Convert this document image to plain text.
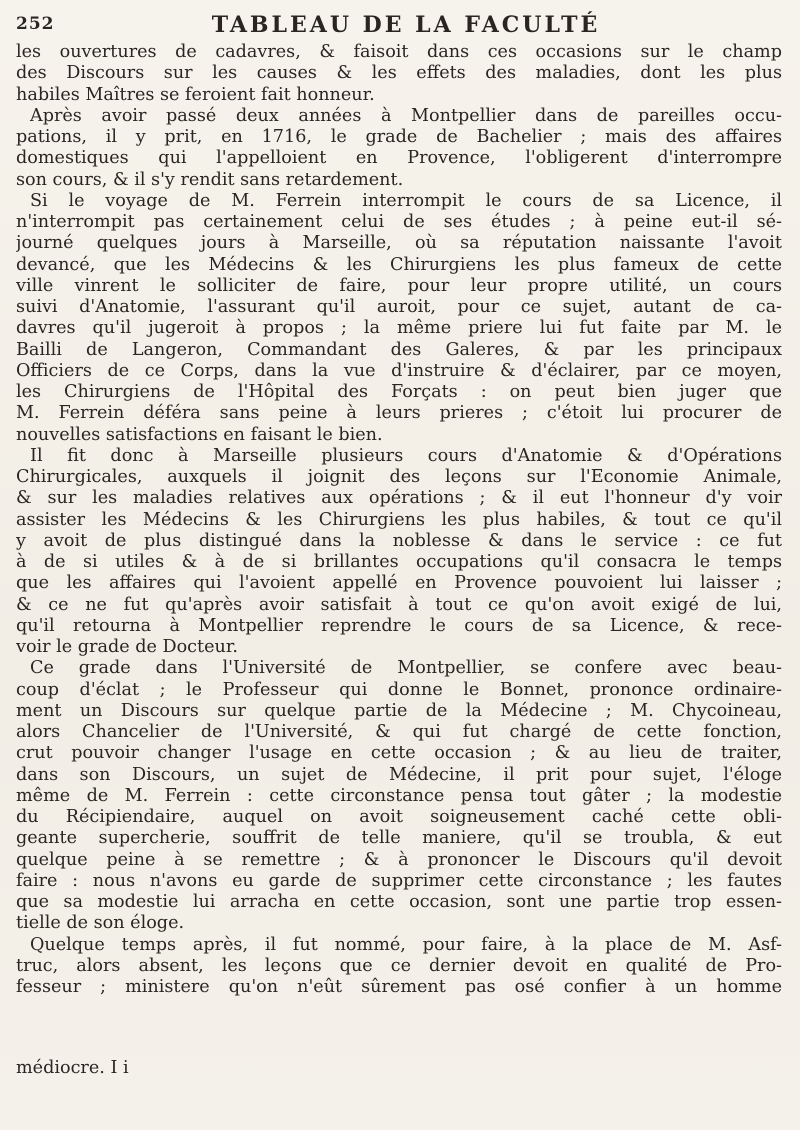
252	TABLEAU DE LA FACULTÉ
les ouvertures de cadavres, & faisoit dans ces occasions sur le champ
des Discours sur les causes & les effets des maladies, dont les plus
habiles Maîtres se feroient fait honneur.
Après avoir passé deux années à Montpellier dans de pareilles occu-
pations, il y prit, en 1716, le grade de Bachelier ; mais des affaires
domestiques qui l'appelloient en Provence, l'obligerent d'interrompre
son cours, & il s'y rendit sans retardement.
Si le voyage de M. Ferrein interrompit le cours de sa Licence, il
n'interrompit pas certainement celui de ses études ; à peine eut-il sé-
journé quelques jours à Marseille, où sa réputation naissante l'avoit
devancé, que les Médecins & les Chirurgiens les plus fameux de cette
ville vinrent le solliciter de faire, pour leur propre utilité, un cours
suivi d'Anatomie, l'assurant qu'il auroit, pour ce sujet, autant de ca-
davres qu'il jugeroit à propos ; la même priere lui fut faite par M. le
Bailli de Langeron, Commandant des Galeres, & par les principaux
Officiers de ce Corps, dans la vue d'instruire & d'éclairer, par ce moyen,
les Chirurgiens de l'Hôpital des Forçats : on peut bien juger que
M. Ferrein déféra sans peine à leurs prieres ; c'étoit lui procurer de
nouvelles satisfactions en faisant le bien.
Il fit donc à Marseille plusieurs cours d'Anatomie & d'Opérations
Chirurgicales, auxquels il joignit des leçons sur l'Economie Animale,
& sur les maladies relatives aux opérations ; & il eut l'honneur d'y voir
assister les Médecins & les Chirurgiens les plus habiles, & tout ce qu'il
y avoit de plus distingué dans la noblesse & dans le service : ce fut
à de si utiles & à de si brillantes occupations qu'il consacra le temps
que les affaires qui l'avoient appellé en Provence pouvoient lui laisser ;
& ce ne fut qu'après avoir satisfait à tout ce qu'on avoit exigé de lui,
qu'il retourna à Montpellier reprendre le cours de sa Licence, & rece-
voir le grade de Docteur.
Ce grade dans l'Université de Montpellier, se confere avec beau-
coup d'éclat ; le Professeur qui donne le Bonnet, prononce ordinaire-
ment un Discours sur quelque partie de la Médecine ; M. Chycoineau,
alors Chancelier de l'Université, & qui fut chargé de cette fonction,
crut pouvoir changer l'usage en cette occasion ; & au lieu de traiter,
dans son Discours, un sujet de Médecine, il prit pour sujet, l'éloge
même de M. Ferrein : cette circonstance pensa tout gâter ; la modestie
du Récipiendaire, auquel on avoit soigneusement caché cette obli-
geante supercherie, souffrit de telle maniere, qu'il se troubla, & eut
quelque peine à se remettre ; & à prononcer le Discours qu'il devoit
faire : nous n'avons eu garde de supprimer cette circonstance ; les fautes
que sa modestie lui arracha en cette occasion, sont une partie trop essen-
tielle de son éloge.
Quelque temps après, il fut nommé, pour faire, à la place de M. Asf-
truc, alors absent, les leçons que ce dernier devoit en qualité de Pro-
fesseur ; ministere qu'on n'eût sûrement pas osé confier à un homme
médiocre. I i
